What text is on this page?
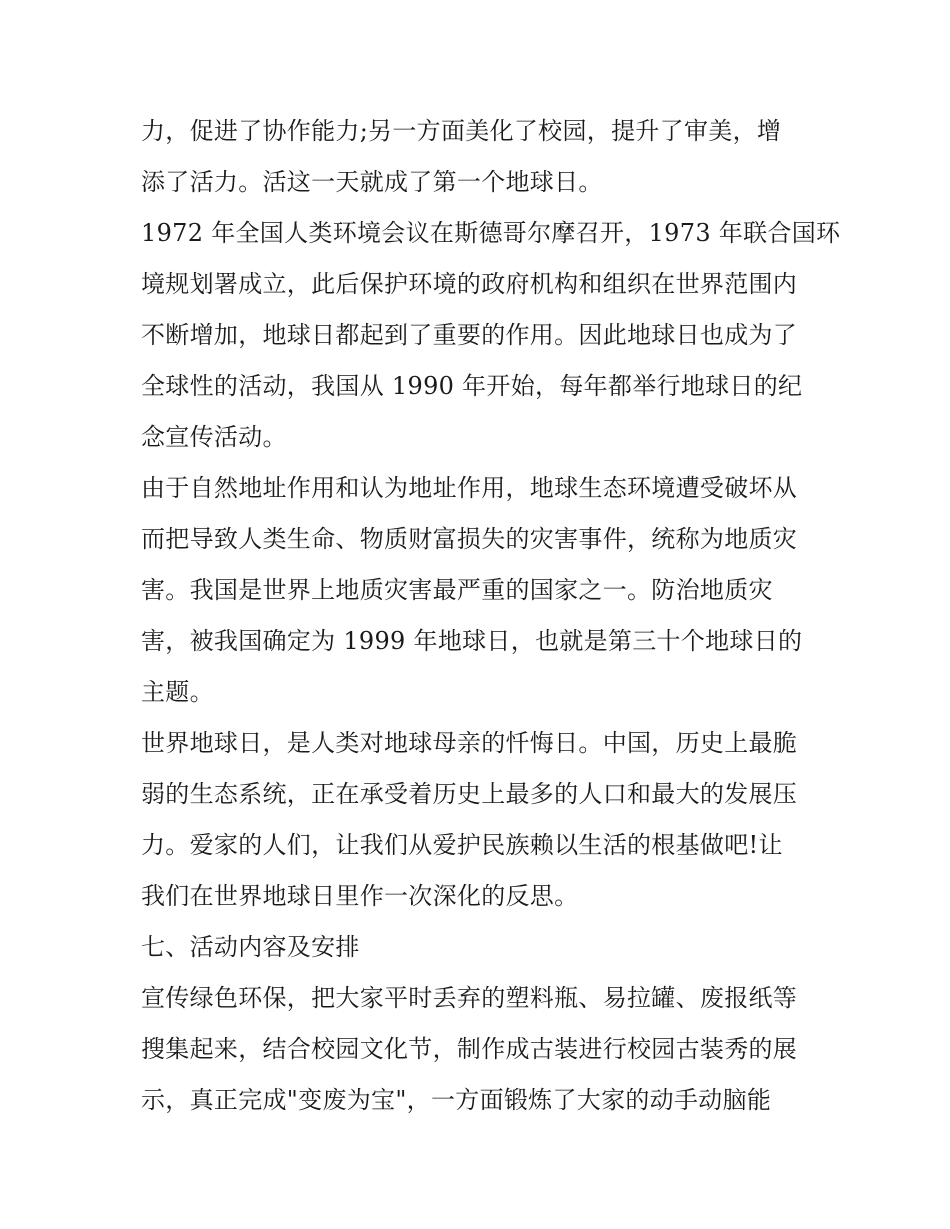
力，促进了协作能力;另一方面美化了校园，提升了审美，增
添了活力。活这一天就成了第一个地球日。
1972 年全国人类环境会议在斯德哥尔摩召开，1973 年联合国环
境规划署成立，此后保护环境的政府机构和组织在世界范围内
不断增加，地球日都起到了重要的作用。因此地球日也成为了
全球性的活动，我国从 1990 年开始，每年都举行地球日的纪
念宣传活动。
由于自然地址作用和认为地址作用，地球生态环境遭受破坏从
而把导致人类生命、物质财富损失的灾害事件，统称为地质灾
害。我国是世界上地质灾害最严重的国家之一。防治地质灾
害，被我国确定为 1999 年地球日，也就是第三十个地球日的
主题。
世界地球日，是人类对地球母亲的忏悔日。中国，历史上最脆
弱的生态系统，正在承受着历史上最多的人口和最大的发展压
力。爱家的人们，让我们从爱护民族赖以生活的根基做吧!让
我们在世界地球日里作一次深化的反思。
七、活动内容及安排
宣传绿色环保，把大家平时丢弃的塑料瓶、易拉罐、废报纸等
搜集起来，结合校园文化节，制作成古装进行校园古装秀的展
示，真正完成"变废为宝"，一方面锻炼了大家的动手动脑能
